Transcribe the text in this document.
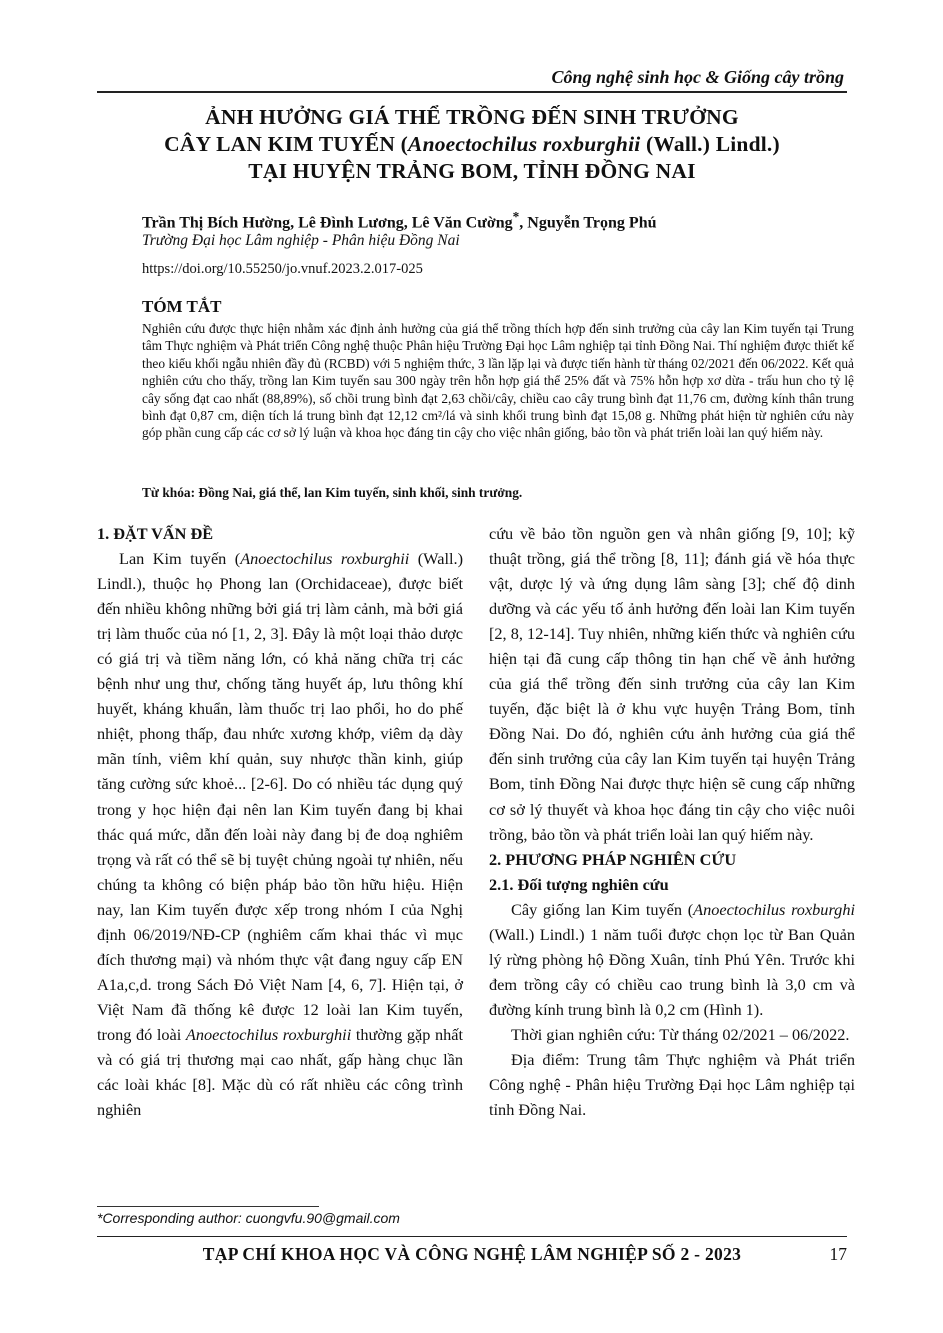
Công nghệ sinh học & Giống cây trồng
ẢNH HƯỞNG GIÁ THỂ TRỒNG ĐẾN SINH TRƯỞNG
CÂY LAN KIM TUYẾN (Anoectochilus roxburghii (Wall.) Lindl.)
TẠI HUYỆN TRẢNG BOM, TỈNH ĐỒNG NAI
Trần Thị Bích Hường, Lê Đình Lương, Lê Văn Cường*, Nguyễn Trọng Phú
Trường Đại học Lâm nghiệp - Phân hiệu Đồng Nai
https://doi.org/10.55250/jo.vnuf.2023.2.017-025
TÓM TẮT
Nghiên cứu được thực hiện nhằm xác định ảnh hưởng của giá thể trồng thích hợp đến sinh trưởng của cây lan Kim tuyến tại Trung tâm Thực nghiệm và Phát triển Công nghệ thuộc Phân hiệu Trường Đại học Lâm nghiệp tại tỉnh Đồng Nai. Thí nghiệm được thiết kế theo kiểu khối ngẫu nhiên đầy đủ (RCBD) với 5 nghiệm thức, 3 lần lặp lại và được tiến hành từ tháng 02/2021 đến 06/2022. Kết quả nghiên cứu cho thấy, trồng lan Kim tuyến sau 300 ngày trên hỗn hợp giá thể 25% đất và 75% hỗn hợp xơ dừa - trấu hun cho tỷ lệ cây sống đạt cao nhất (88,89%), số chồi trung bình đạt 2,63 chồi/cây, chiều cao cây trung bình đạt 11,76 cm, đường kính thân trung bình đạt 0,87 cm, diện tích lá trung bình đạt 12,12 cm²/lá và sinh khối trung bình đạt 15,08 g. Những phát hiện từ nghiên cứu này góp phần cung cấp các cơ sở lý luận và khoa học đáng tin cậy cho việc nhân giống, bảo tồn và phát triển loài lan quý hiếm này.
Từ khóa: Đồng Nai, giá thể, lan Kim tuyến, sinh khối, sinh trưởng.

1. ĐẶT VẤN ĐỀ

Lan Kim tuyến (Anoectochilus roxburghii (Wall.) Lindl.), thuộc họ Phong lan (Orchidaceae), được biết đến nhiều không những bởi giá trị làm cảnh, mà bởi giá trị làm thuốc của nó [1, 2, 3]. Đây là một loại thảo dược có giá trị và tiềm năng lớn, có khả năng chữa trị các bệnh như ung thư, chống tăng huyết áp, lưu thông khí huyết, kháng khuẩn, làm thuốc trị lao phổi, ho do phế nhiệt, phong thấp, đau nhức xương khớp, viêm dạ dày mãn tính, viêm khí quản, suy nhược thần kinh, giúp tăng cường sức khoẻ... [2-6]. Do có nhiều tác dụng quý trong y học hiện đại nên lan Kim tuyến đang bị khai thác quá mức, dẫn đến loài này đang bị đe doạ nghiêm trọng và rất có thể sẽ bị tuyệt chủng ngoài tự nhiên, nếu chúng ta không có biện pháp bảo tồn hữu hiệu. Hiện nay, lan Kim tuyến được xếp trong nhóm I của Nghị định 06/2019/NĐ-CP (nghiêm cấm khai thác vì mục đích thương mại) và nhóm thực vật đang nguy cấp EN A1a,c,d. trong Sách Đỏ Việt Nam [4, 6, 7]. Hiện tại, ở Việt Nam đã thống kê được 12 loài lan Kim tuyến, trong đó loài Anoectochilus roxburghii thường gặp nhất và có giá trị thương mại cao nhất, gấp hàng chục lần các loài khác [8]. Mặc dù có rất nhiều các công trình nghiên

cứu về bảo tồn nguồn gen và nhân giống [9, 10]; kỹ thuật trồng, giá thể trồng [8, 11]; đánh giá về hóa thực vật, dược lý và ứng dụng lâm sàng [3]; chế độ dinh dưỡng và các yếu tố ảnh hưởng đến loài lan Kim tuyến [2, 8, 12-14]. Tuy nhiên, những kiến thức và nghiên cứu hiện tại đã cung cấp thông tin hạn chế về ảnh hưởng của giá thể trồng đến sinh trưởng của cây lan Kim tuyến, đặc biệt là ở khu vực huyện Trảng Bom, tỉnh Đồng Nai. Do đó, nghiên cứu ảnh hưởng của giá thể đến sinh trưởng của cây lan Kim tuyến tại huyện Trảng Bom, tỉnh Đồng Nai được thực hiện sẽ cung cấp những cơ sở lý thuyết và khoa học đáng tin cậy cho việc nuôi trồng, bảo tồn và phát triển loài lan quý hiếm này.

2. PHƯƠNG PHÁP NGHIÊN CỨU

2.1. Đối tượng nghiên cứu

Cây giống lan Kim tuyến (Anoectochilus roxburghi (Wall.) Lindl.) 1 năm tuổi được chọn lọc từ Ban Quản lý rừng phòng hộ Đồng Xuân, tỉnh Phú Yên. Trước khi đem trồng cây có chiều cao trung bình là 3,0 cm và đường kính trung bình là 0,2 cm (Hình 1).

Thời gian nghiên cứu: Từ tháng 02/2021 – 06/2022.

Địa điểm: Trung tâm Thực nghiệm và Phát triển Công nghệ - Phân hiệu Trường Đại học Lâm nghiệp tại tỉnh Đồng Nai.

*Corresponding author: cuongvfu.90@gmail.com
TẠP CHÍ KHOA HỌC VÀ CÔNG NGHỆ LÂM NGHIỆP SỐ 2 - 2023	17
